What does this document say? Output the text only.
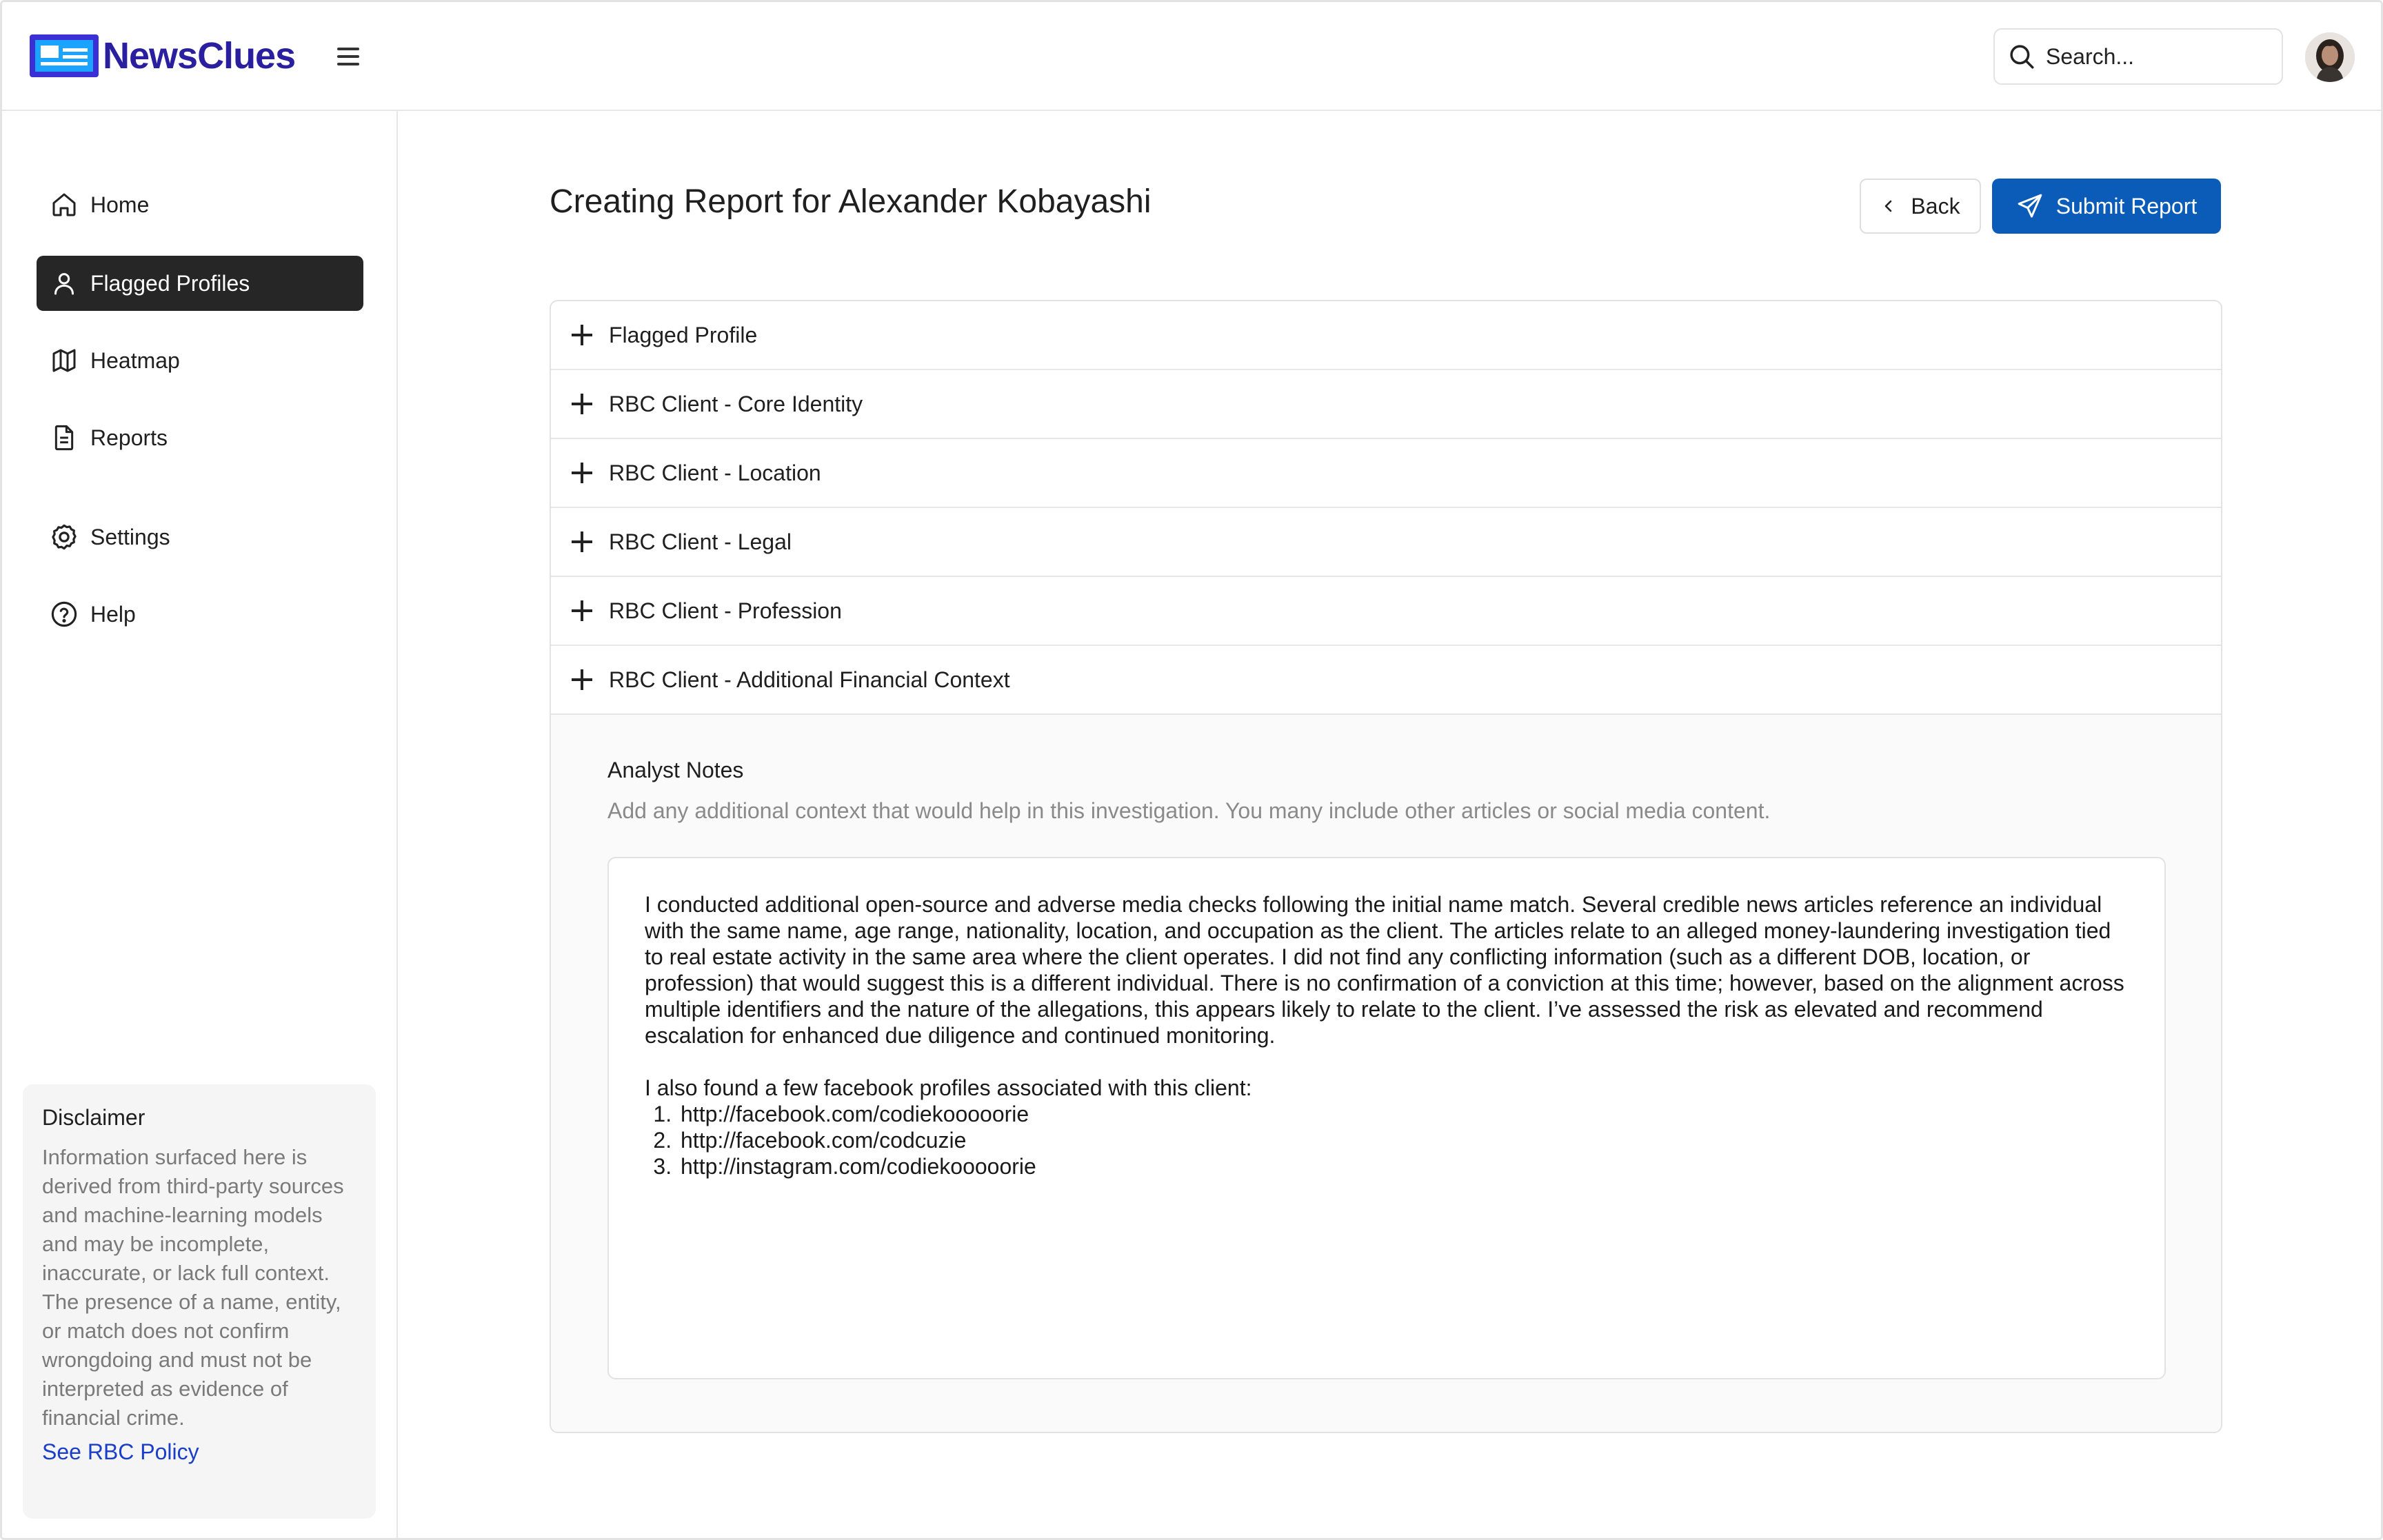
NewsClues
Search...
Home
Flagged Profiles
Heatmap
Reports
Settings
Help
Disclaimer

Information surfaced here is derived from third-party sources and machine-learning models and may be incomplete, inaccurate, or lack full context. The presence of a name, entity, or match does not confirm wrongdoing and must not be interpreted as evidence of financial crime.

See RBC Policy
Creating Report for Alexander Kobayashi	Back	Submit Report
Flagged Profile
RBC Client - Core Identity
RBC Client - Location
RBC Client - Legal
RBC Client - Profession
RBC Client - Additional Financial Context
Analyst Notes
Add any additional context that would help in this investigation. You many include other articles or social media content.
I conducted additional open-source and adverse media checks following the initial name match. Several credible news articles reference an individual with the same name, age range, nationality, location, and occupation as the client. The articles relate to an alleged money-laundering investigation tied to real estate activity in the same area where the client operates. I did not find any conflicting information (such as a different DOB, location, or profession) that would suggest this is a different individual. There is no confirmation of a conviction at this time; however, based on the alignment across multiple identifiers and the nature of the allegations, this appears likely to relate to the client. I’ve assessed the risk as elevated and recommend escalation for enhanced due diligence and continued monitoring.
I also found a few facebook profiles associated with this client:
1. http://facebook.com/codiekooooorie
2. http://facebook.com/codcuzie
3. http://instagram.com/codiekooooorie
